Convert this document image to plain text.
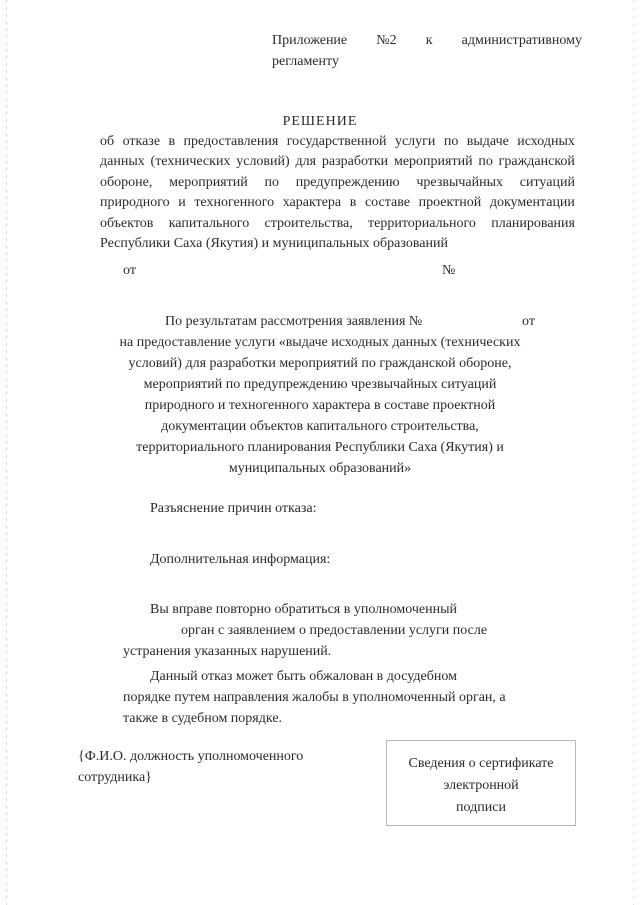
Приложение №2 к административному
регламенту
РЕШЕНИЕ
об отказе в предоставления государственной услуги по выдаче исходных
данных (технических условий) для разработки мероприятий по гражданской
обороне, мероприятий по предупреждению чрезвычайных ситуаций
природного и техногенного характера в составе проектной документации
объектов капитального строительства, территориального планирования
Республики Саха (Якутия) и муниципальных образований
от	№
По результатам рассмотрения заявления №	от
на предоставление услуги «выдаче исходных данных (технических
условий) для разработки мероприятий по гражданской обороне,
мероприятий по предупреждению чрезвычайных ситуаций
природного и техногенного характера в составе проектной
документации объектов капитального строительства,
территориального планирования Республики Саха (Якутия) и
муниципальных образований»
Разъяснение причин отказа:
Дополнительная информация:
Вы вправе повторно обратиться в уполномоченный
орган с заявлением о предоставлении услуги после
устранения указанных нарушений.
Данный отказ может быть обжалован в досудебном
порядке путем направления жалобы в уполномоченный орган, а
также в судебном порядке.
{Ф.И.О. должность уполномоченного
сотрудника}
Сведения о сертификате
электронной
подписи
